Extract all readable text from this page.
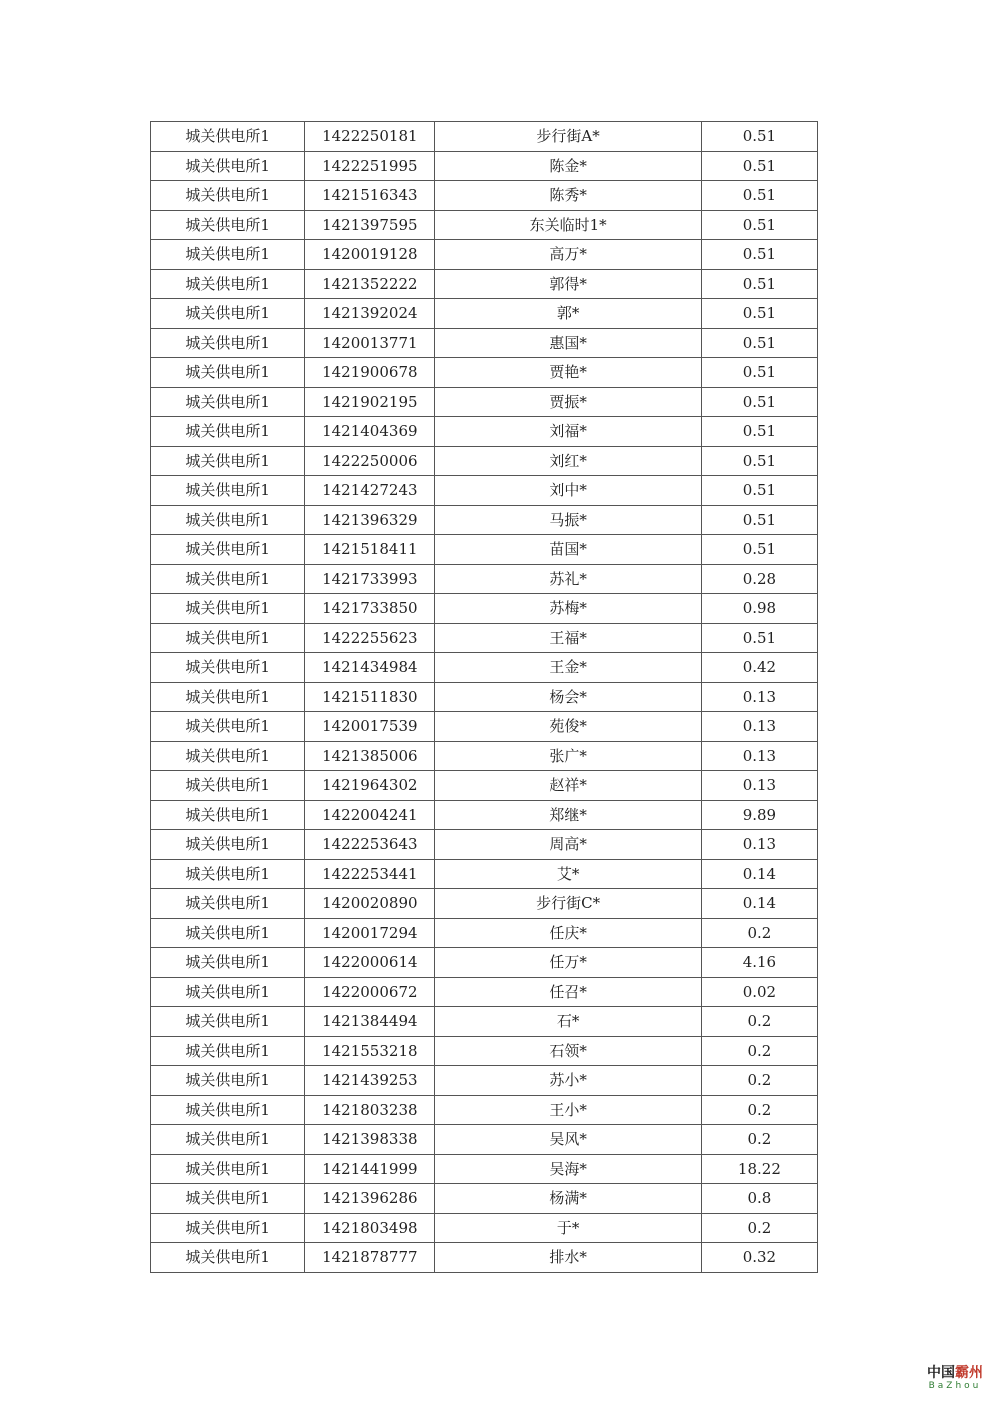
城关供电所1	1422250181	步行街A*	0.51
城关供电所1	1422251995	陈金*	0.51
城关供电所1	1421516343	陈秀*	0.51
城关供电所1	1421397595	东关临时1*	0.51
城关供电所1	1420019128	高万*	0.51
城关供电所1	1421352222	郭得*	0.51
城关供电所1	1421392024	郭*	0.51
城关供电所1	1420013771	惠国*	0.51
城关供电所1	1421900678	贾艳*	0.51
城关供电所1	1421902195	贾振*	0.51
城关供电所1	1421404369	刘福*	0.51
城关供电所1	1422250006	刘红*	0.51
城关供电所1	1421427243	刘中*	0.51
城关供电所1	1421396329	马振*	0.51
城关供电所1	1421518411	苗国*	0.51
城关供电所1	1421733993	苏礼*	0.28
城关供电所1	1421733850	苏梅*	0.98
城关供电所1	1422255623	王福*	0.51
城关供电所1	1421434984	王金*	0.42
城关供电所1	1421511830	杨会*	0.13
城关供电所1	1420017539	苑俊*	0.13
城关供电所1	1421385006	张广*	0.13
城关供电所1	1421964302	赵祥*	0.13
城关供电所1	1422004241	郑继*	9.89
城关供电所1	1422253643	周高*	0.13
城关供电所1	1422253441	艾*	0.14
城关供电所1	1420020890	步行街C*	0.14
城关供电所1	1420017294	任庆*	0.2
城关供电所1	1422000614	任万*	4.16
城关供电所1	1422000672	任召*	0.02
城关供电所1	1421384494	石*	0.2
城关供电所1	1421553218	石领*	0.2
城关供电所1	1421439253	苏小*	0.2
城关供电所1	1421803238	王小*	0.2
城关供电所1	1421398338	吴风*	0.2
城关供电所1	1421441999	吴海*	18.22
城关供电所1	1421396286	杨满*	0.8
城关供电所1	1421803498	于*	0.2
城关供电所1	1421878777	排水*	0.32
中国霸州
BaZhou
